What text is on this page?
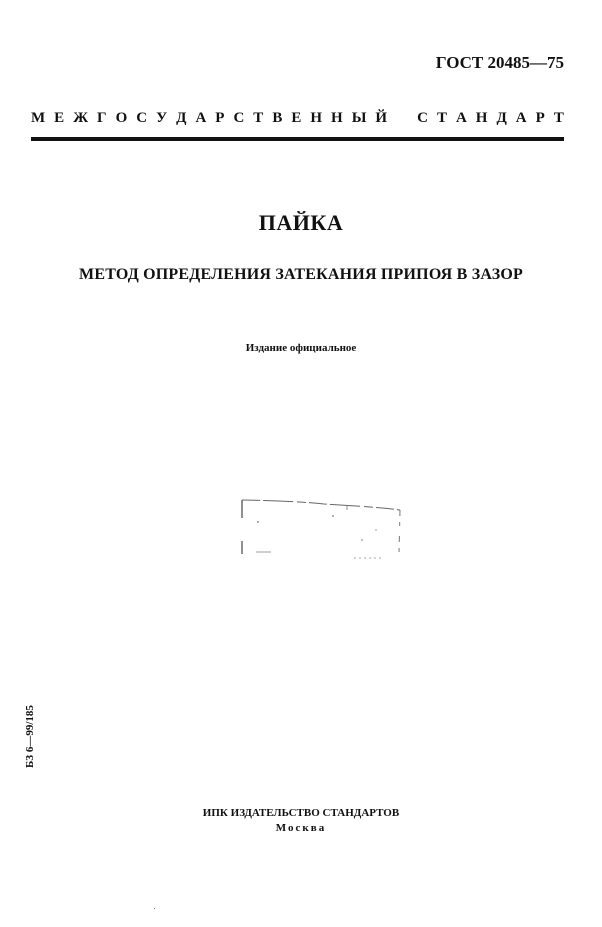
ГОСТ 20485—75
М Е Ж Г О С У Д А Р С Т В Е Н Н Ы Й С Т А Н Д А Р Т
ПАЙКА
МЕТОД ОПРЕДЕЛЕНИЯ ЗАТЕКАНИЯ ПРИПОЯ В ЗАЗОР
Издание официальное
БЗ 6—99/185
ИПК ИЗДАТЕЛЬСТВО СТАНДАРТОВ
Москва
